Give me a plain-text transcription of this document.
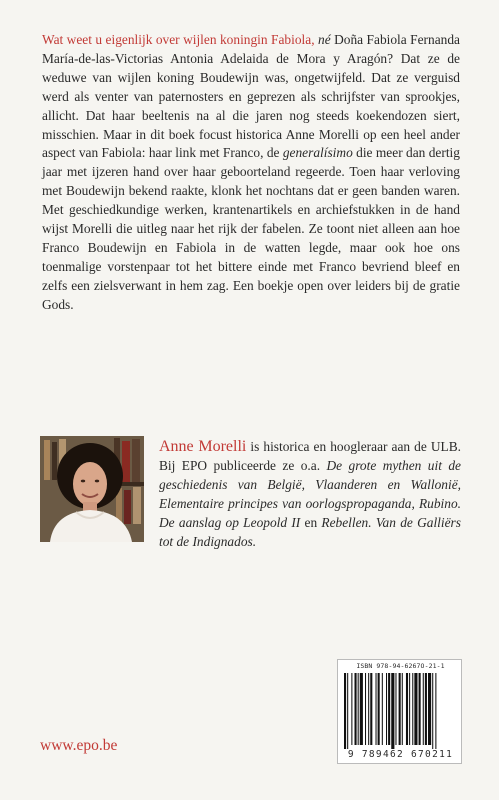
Wat weet u eigenlijk over wijlen koningin Fabiola, né Doña Fabiola Fernanda María-de-las-Victorias Antonia Adelaida de Mora y Aragón? Dat ze de weduwe van wijlen koning Boudewijn was, ongetwijfeld. Dat ze verguisd werd als venter van paternosters en geprezen als schrijfster van sprookjes, allicht. Dat haar beeltenis na al die jaren nog steeds koekendozen siert, misschien. Maar in dit boek focust historica Anne Morelli op een heel ander aspect van Fabiola: haar link met Franco, de generalísimo die meer dan dertig jaar met ijzeren hand over haar geboorteland regeerde. Toen haar verloving met Boudewijn bekend raakte, klonk het nochtans dat er geen banden waren. Met geschiedkundige werken, krantenartikels en archiefstukken in de hand wijst Morelli die uitleg naar het rijk der fabelen. Ze toont niet alleen aan hoe Franco Boudewijn en Fabiola in de watten legde, maar ook hoe ons toenmalige vorstenpaar tot het bittere einde met Franco bevriend bleef en zelfs een zielsverwant in hem zag. Een boekje open over leiders bij de gratie Gods.
Anne Morelli is historica en hoogleraar aan de ULB. Bij EPO publiceerde ze o.a. De grote mythen uit de geschiedenis van België, Vlaanderen en Wallonië, Elementaire principes van oorlogspropaganda, Rubino. De aanslag op Leopold II en Rebellen. Van de Galliërs tot de Indignados.
ISBN 978-94-6267O-21-1
9 789462 670211
www.epo.be
